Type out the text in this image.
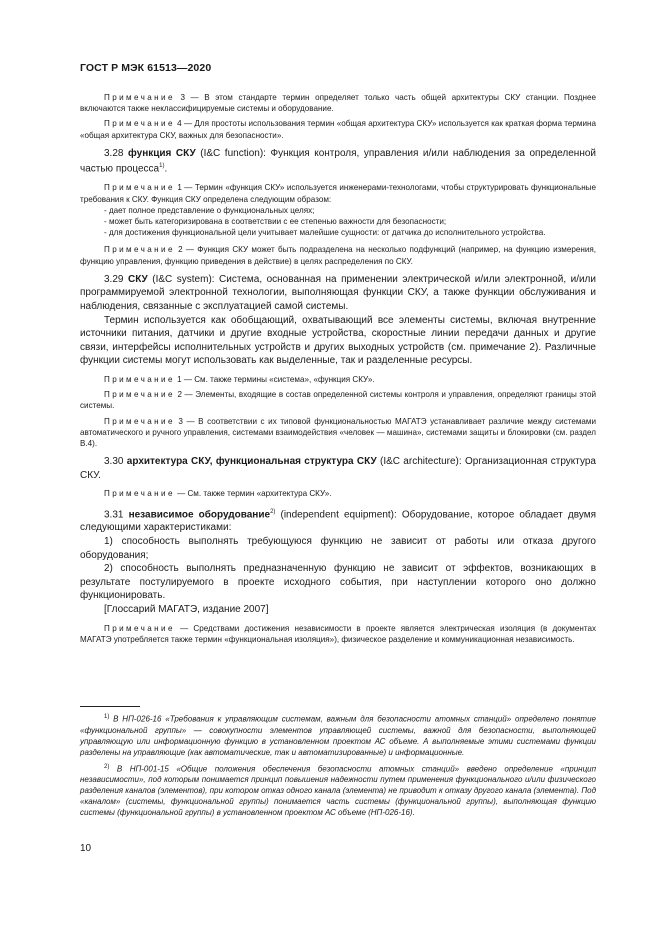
ГОСТ Р МЭК 61513—2020

Примечание 3 — В этом стандарте термин определяет только часть общей архитектуры СКУ станции. Позднее включаются также неклассифицируемые системы и оборудование.

Примечание 4 — Для простоты использования термин «общая архитектура СКУ» используется как краткая форма термина «общая архитектура СКУ, важных для безопасности».

3.28 функция СКУ (I&C function): Функция контроля, управления и/или наблюдения за определенной частью процесса$^{1)}$.

Примечание 1 — Термин «функция СКУ» используется инженерами-технологами, чтобы структурировать функциональные требования к СКУ. Функция СКУ определена следующим образом:

- дает полное представление о функциональных целях;

- может быть категоризирована в соответствии с ее степенью важности для безопасности;

- для достижения функциональной цели учитывает малейшие сущности: от датчика до исполнительного устройства.

Примечание 2 — Функция СКУ может быть подразделена на несколько подфункций (например, на функцию измерения, функцию управления, функцию приведения в действие) в целях распределения по СКУ.

3.29 СКУ (I&C system): Система, основанная на применении электрической и/или электронной, и/или программируемой электронной технологии, выполняющая функции СКУ, а также функции обслуживания и наблюдения, связанные с эксплуатацией самой системы.

Термин используется как обобщающий, охватывающий все элементы системы, включая внутренние источники питания, датчики и другие входные устройства, скоростные линии передачи данных и другие связи, интерфейсы исполнительных устройств и других выходных устройств (см. примечание 2). Различные функции системы могут использовать как выделенные, так и разделенные ресурсы.

Примечание 1 — См. также термины «система», «функция СКУ».

Примечание 2 — Элементы, входящие в состав определенной системы контроля и управления, определяют границы этой системы.

Примечание 3 — В соответствии с их типовой функциональностью МАГАТЭ устанавливает различие между системами автоматического и ручного управления, системами взаимодействия «человек — машина», системами защиты и блокировки (см. раздел В.4).

3.30 архитектура СКУ, функциональная структура СКУ (I&C architecture): Организационная структура СКУ.

Примечание — См. также термин «архитектура СКУ».

3.31 независимое оборудование$^{2)}$ (independent equipment): Оборудование, которое обладает двумя следующими характеристиками:

1) способность выполнять требующуюся функцию не зависит от работы или отказа другого оборудования;

2) способность выполнять предназначенную функцию не зависит от эффектов, возникающих в результате постулируемого в проекте исходного события, при наступлении которого оно должно функционировать.

[Глоссарий МАГАТЭ, издание 2007]

Примечание — Средствами достижения независимости в проекте является электрическая изоляция (в документах МАГАТЭ употребляется также термин «функциональная изоляция»), физическое разделение и коммуникационная независимость.

$^{1)}$ В НП-026-16 «Требования к управляющим системам, важным для безопасности атомных станций» определено понятие «функциональной группы» — совокупности элементов управляющей системы, важной для безопасности, выполняющей управляющую или информационную функцию в установленном проектом АС объеме. А выполняемые этими системами функции разделены на управляющие (как автоматические, так и автоматизированные) и информационные.

$^{2)}$ В НП-001-15 «Общие положения обеспечения безопасности атомных станций» введено определение «принцип независимости», под которым понимается принцип повышения надежности путем применения функционального и/или физического разделения каналов (элементов), при котором отказ одного канала (элемента) не приводит к отказу другого канала (элемента). Под «каналом» (системы, функциональной группы) понимается часть системы (функциональной группы), выполняющая функцию системы (функциональной группы) в установленном проектом АС объеме (НП-026-16).

10
